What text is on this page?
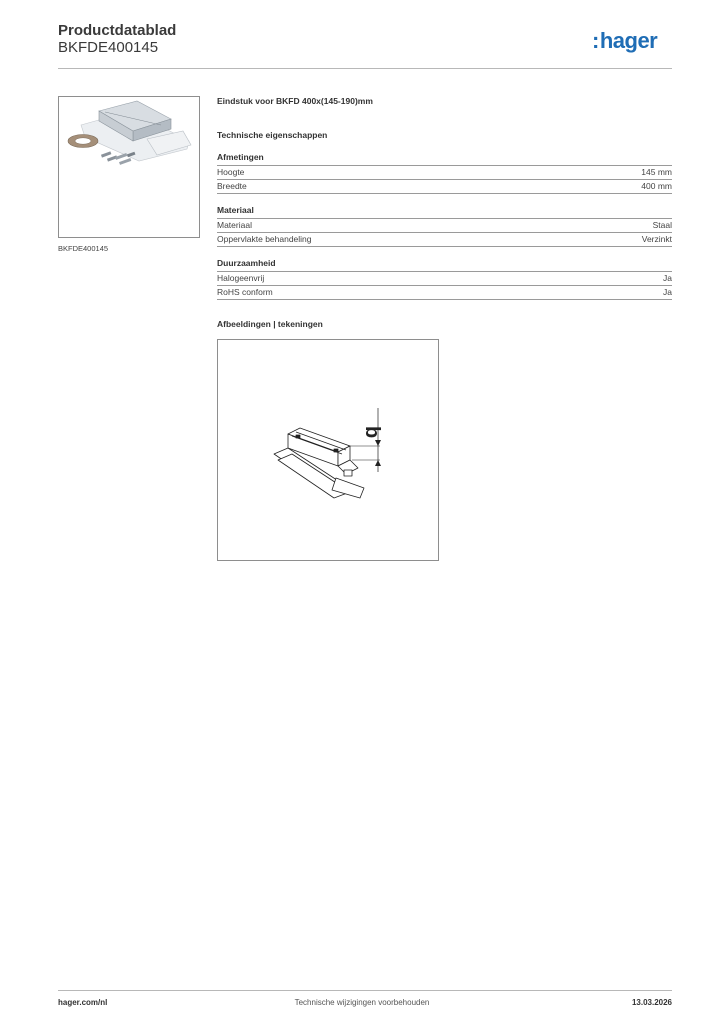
Productdatablad
BKFDE400145	:hager
BKFDE400145
Eindstuk voor BKFD 400x(145-190)mm
Technische eigenschappen
Afmetingen
Hoogte	145 mm
Breedte	400 mm
Materiaal
Materiaal	Staal
Oppervlakte behandeling	Verzinkt
Duurzaamheid
Halogeenvrij	Ja
RoHS conform	Ja
Afbeeldingen | tekeningen
b
hager.com/nl	Technische wijzigingen voorbehouden	13.03.2026
